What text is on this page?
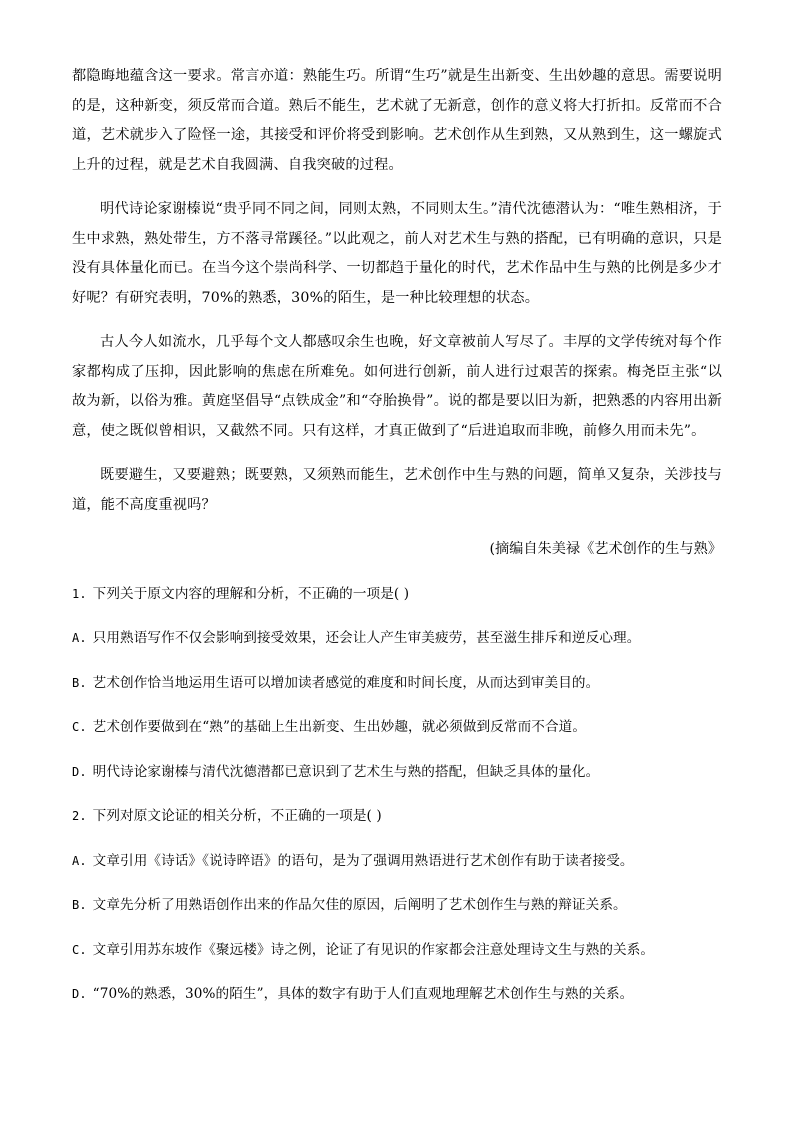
都隐晦地蕴含这一要求。常言亦道：熟能生巧。所谓“生巧”就是生出新变、生出妙趣的意思。需要说明的是，这种新变，须反常而合道。熟后不能生，艺术就了无新意，创作的意义将大打折扣。反常而不合道，艺术就步入了险怪一途，其接受和评价将受到影响。艺术创作从生到熟，又从熟到生，这一螺旋式上升的过程，就是艺术自我圆满、自我突破的过程。

明代诗论家谢榛说“贵乎同不同之间，同则太熟，不同则太生。”清代沈德潜认为：“唯生熟相济，于生中求熟，熟处带生，方不落寻常蹊径。”以此观之，前人对艺术生与熟的搭配，已有明确的意识，只是没有具体量化而已。在当今这个崇尚科学、一切都趋于量化的时代，艺术作品中生与熟的比例是多少才好呢？有研究表明，70%的熟悉，30%的陌生，是一种比较理想的状态。

古人今人如流水，几乎每个文人都感叹余生也晚，好文章被前人写尽了。丰厚的文学传统对每个作家都构成了压抑，因此影响的焦虑在所难免。如何进行创新，前人进行过艰苦的探索。梅尧臣主张“以故为新，以俗为雅。黄庭坚倡导“点铁成金”和“夺胎换骨”。说的都是要以旧为新，把熟悉的内容用出新意，使之既似曾相识，又截然不同。只有这样，才真正做到了“后进追取而非晚，前修久用而未先”。

既要避生，又要避熟；既要熟，又须熟而能生，艺术创作中生与熟的问题，简单又复杂，关涉技与道，能不高度重视吗？

(摘编自朱美禄《艺术创作的生与熟》

1. 下列关于原文内容的理解和分析，不正确的一项是( )

A. 只用熟语写作不仅会影响到接受效果，还会让人产生审美疲劳，甚至滋生排斥和逆反心理。

B. 艺术创作恰当地运用生语可以增加读者感觉的难度和时间长度，从而达到审美目的。

C. 艺术创作要做到在“熟”的基础上生出新变、生出妙趣，就必须做到反常而不合道。

D. 明代诗论家谢榛与清代沈德潜都已意识到了艺术生与熟的搭配，但缺乏具体的量化。

2. 下列对原文论证的相关分析，不正确的一项是( )

A. 文章引用《诗话》《说诗晬语》的语句，是为了强调用熟语进行艺术创作有助于读者接受。

B. 文章先分析了用熟语创作出来的作品欠佳的原因，后阐明了艺术创作生与熟的辩证关系。

C. 文章引用苏东坡作《聚远楼》诗之例，论证了有见识的作家都会注意处理诗文生与熟的关系。

D. “70%的熟悉，30%的陌生”，具体的数字有助于人们直观地理解艺术创作生与熟的关系。
